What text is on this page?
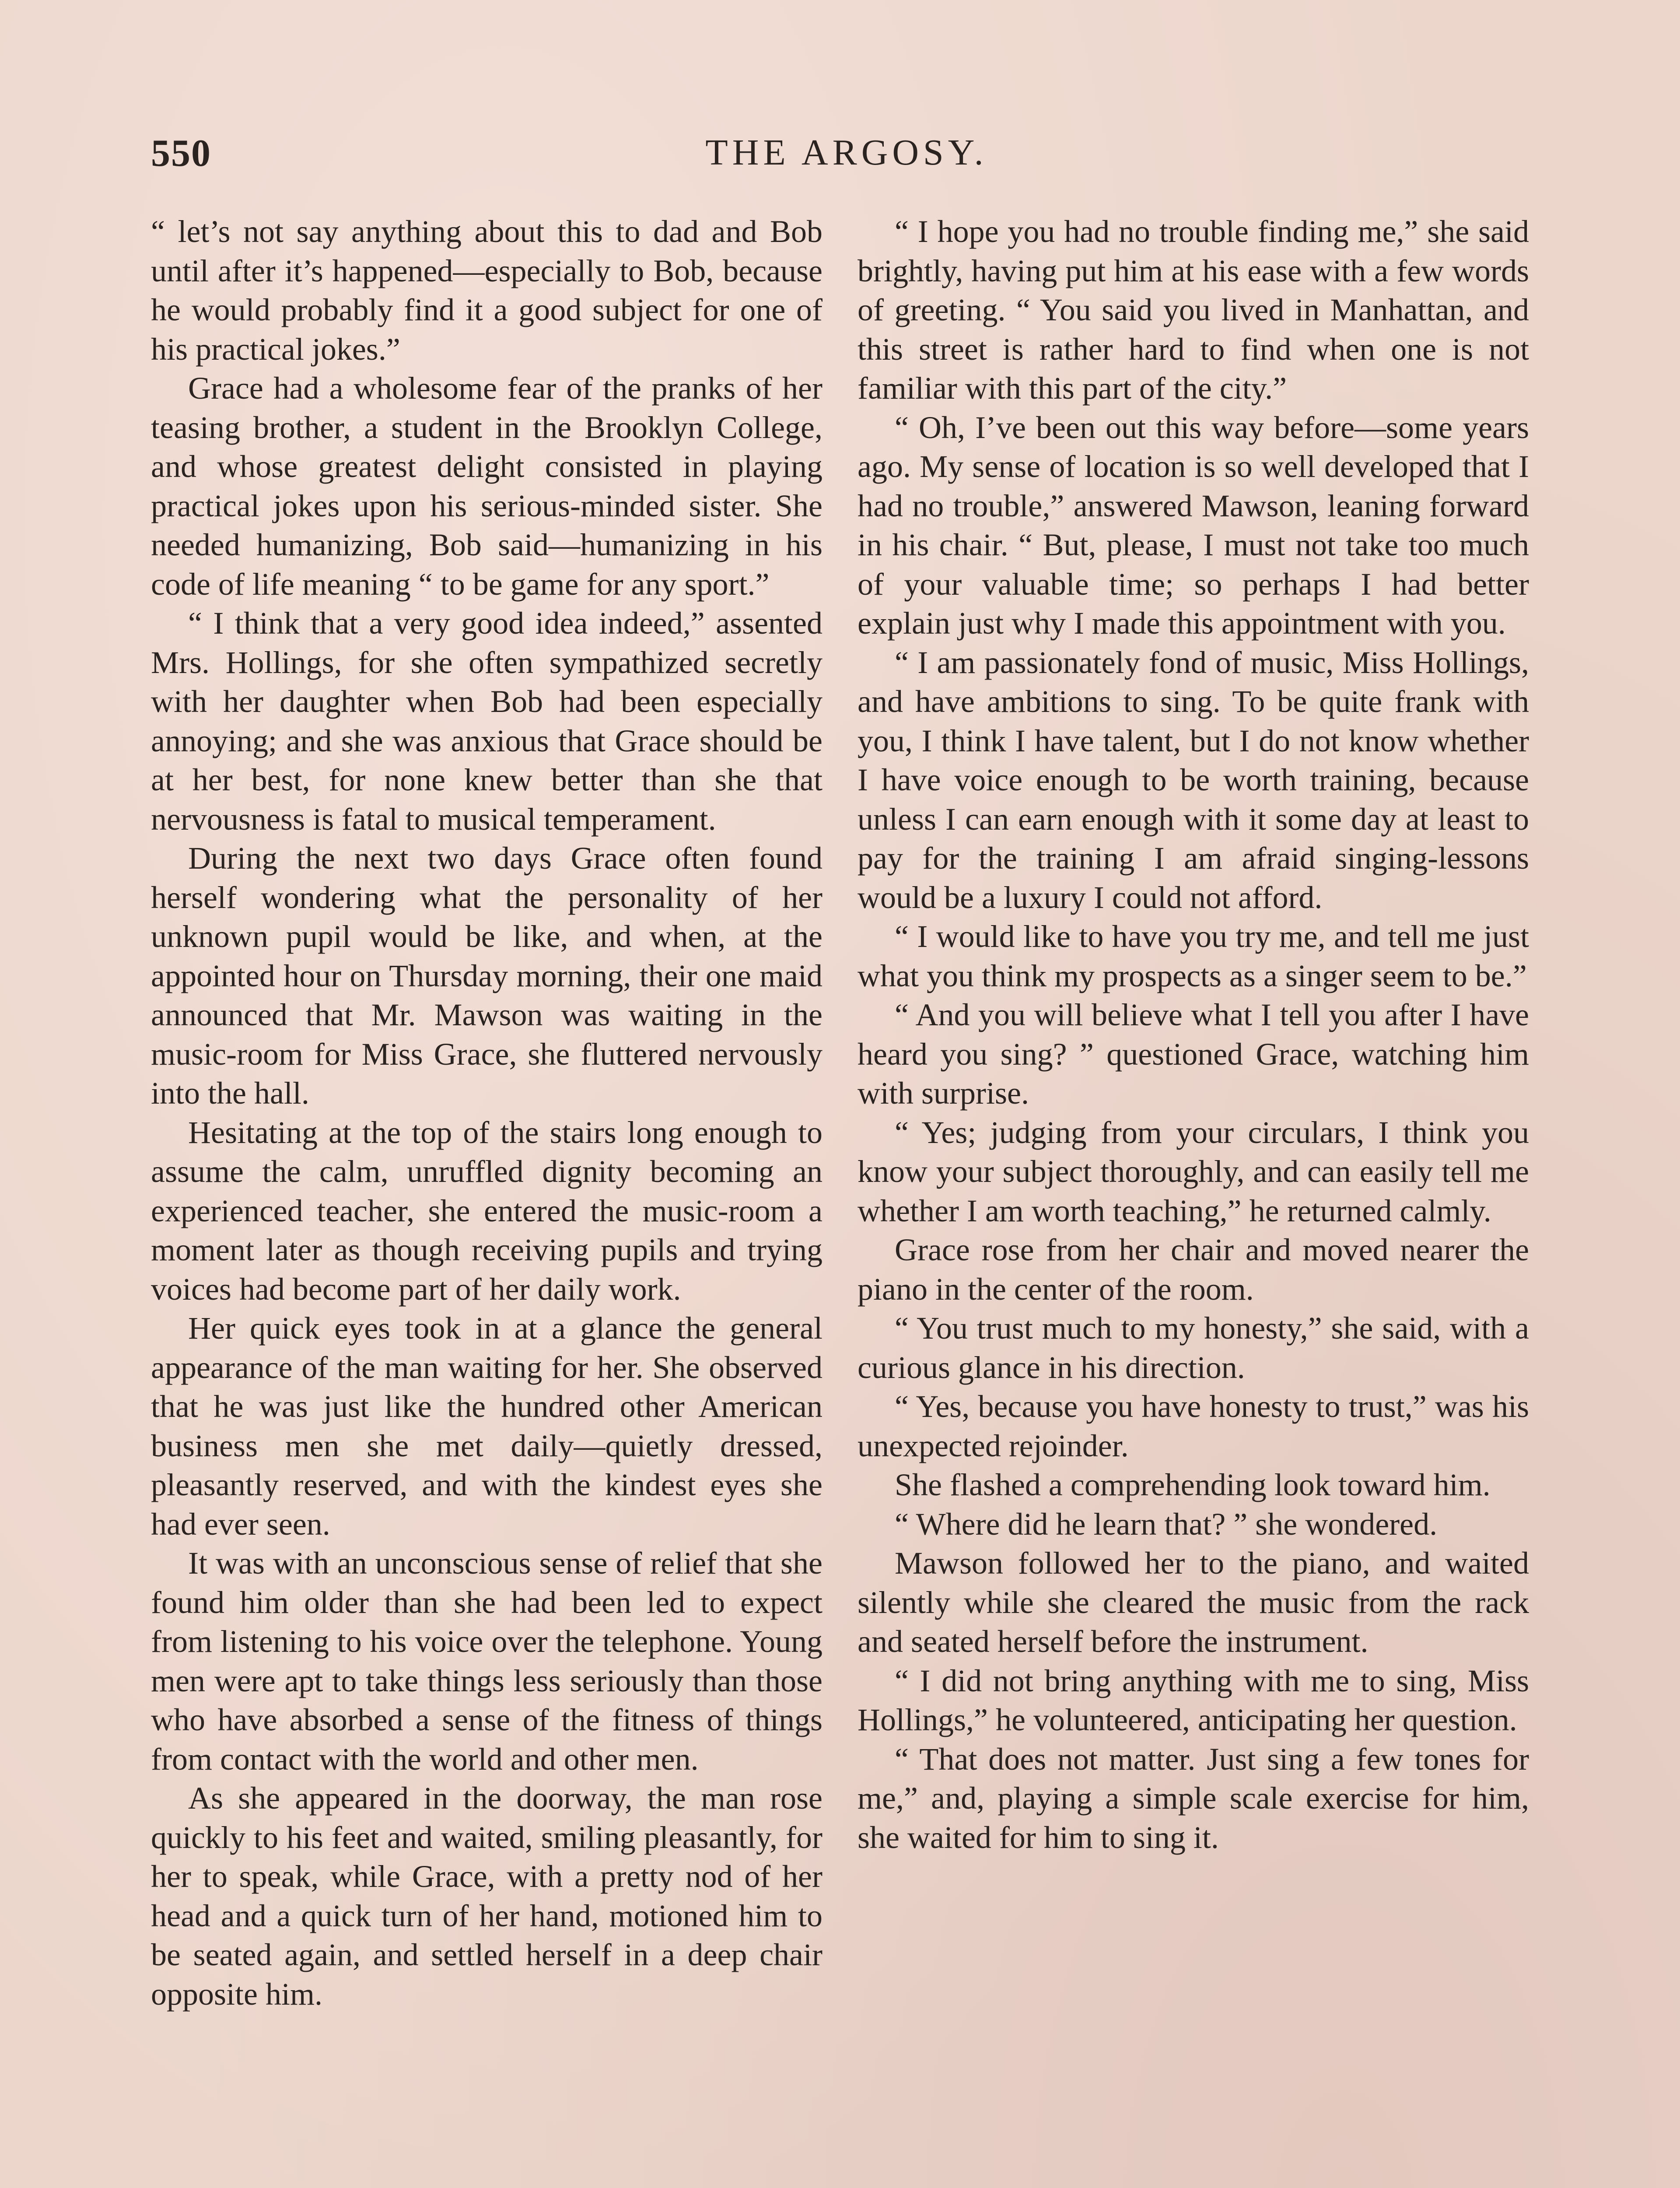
550	THE ARGOSY.

“ let’s not say anything about this to dad and Bob until after it’s happened—especially to Bob, because he would probably find it a good subject for one of his practical jokes.”

Grace had a wholesome fear of the pranks of her teasing brother, a student in the Brooklyn College, and whose greatest delight consisted in playing practical jokes upon his serious-minded sister. She needed humanizing, Bob said—humanizing in his code of life meaning “ to be game for any sport.”

“ I think that a very good idea indeed,” assented Mrs. Hollings, for she often sympathized secretly with her daughter when Bob had been especially annoying; and she was anxious that Grace should be at her best, for none knew better than she that nervousness is fatal to musical temperament.

During the next two days Grace often found herself wondering what the personality of her unknown pupil would be like, and when, at the appointed hour on Thursday morning, their one maid announced that Mr. Mawson was waiting in the music-room for Miss Grace, she fluttered nervously into the hall.

Hesitating at the top of the stairs long enough to assume the calm, unruffled dignity becoming an experienced teacher, she entered the music-room a moment later as though receiving pupils and trying voices had become part of her daily work.

Her quick eyes took in at a glance the general appearance of the man waiting for her. She observed that he was just like the hundred other American business men she met daily—quietly dressed, pleasantly reserved, and with the kindest eyes she had ever seen.

It was with an unconscious sense of relief that she found him older than she had been led to expect from listening to his voice over the telephone. Young men were apt to take things less seriously than those who have absorbed a sense of the fitness of things from contact with the world and other men.

As she appeared in the doorway, the man rose quickly to his feet and waited, smiling pleasantly, for her to speak, while Grace, with a pretty nod of her head and a quick turn of her hand, motioned him to be seated again, and settled herself in a deep chair opposite him.

“ I hope you had no trouble finding me,” she said brightly, having put him at his ease with a few words of greeting. “ You said you lived in Manhattan, and this street is rather hard to find when one is not familiar with this part of the city.”

“ Oh, I’ve been out this way before—some years ago. My sense of location is so well developed that I had no trouble,” answered Mawson, leaning forward in his chair. “ But, please, I must not take too much of your valuable time; so perhaps I had better explain just why I made this appointment with you.

“ I am passionately fond of music, Miss Hollings, and have ambitions to sing. To be quite frank with you, I think I have talent, but I do not know whether I have voice enough to be worth training, because unless I can earn enough with it some day at least to pay for the training I am afraid singing-lessons would be a luxury I could not afford.

“ I would like to have you try me, and tell me just what you think my prospects as a singer seem to be.”

“ And you will believe what I tell you after I have heard you sing? ” questioned Grace, watching him with surprise.

“ Yes; judging from your circulars, I think you know your subject thoroughly, and can easily tell me whether I am worth teaching,” he returned calmly.

Grace rose from her chair and moved nearer the piano in the center of the room.

“ You trust much to my honesty,” she said, with a curious glance in his direction.

“ Yes, because you have honesty to trust,” was his unexpected rejoinder.

She flashed a comprehending look toward him.

“ Where did he learn that? ” she wondered.

Mawson followed her to the piano, and waited silently while she cleared the music from the rack and seated herself before the instrument.

“ I did not bring anything with me to sing, Miss Hollings,” he volunteered, anticipating her question.

“ That does not matter. Just sing a few tones for me,” and, playing a simple scale exercise for him, she waited for him to sing it.
